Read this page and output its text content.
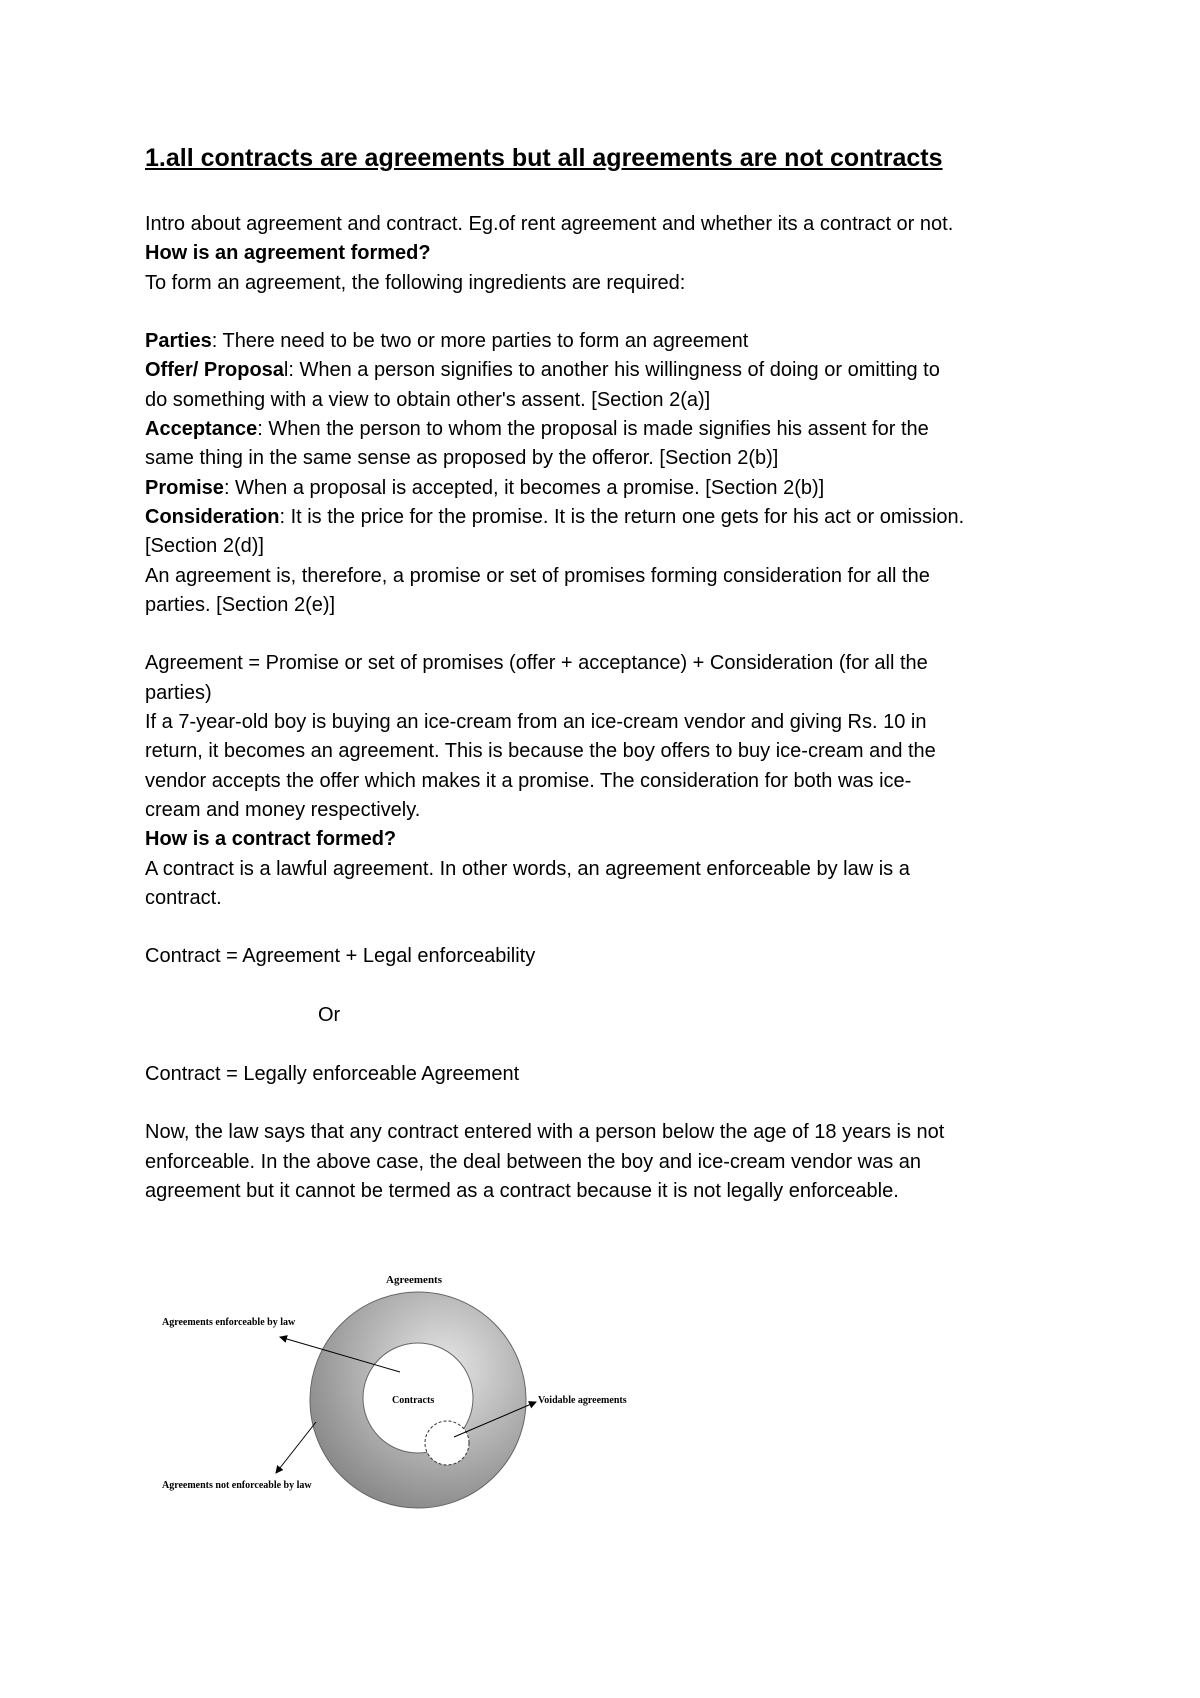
1.all contracts are agreements but all agreements are not contracts
Intro about agreement and contract. Eg.of rent agreement and whether its a contract or not.
How is an agreement formed?
To form an agreement, the following ingredients are required:
Parties: There need to be two or more parties to form an agreement
Offer/ Proposal: When a person signifies to another his willingness of doing or omitting to
do something with a view to obtain other's assent. [Section 2(a)]
Acceptance: When the person to whom the proposal is made signifies his assent for the
same thing in the same sense as proposed by the offeror. [Section 2(b)]
Promise: When a proposal is accepted, it becomes a promise. [Section 2(b)]
Consideration: It is the price for the promise. It is the return one gets for his act or omission.
[Section 2(d)]
An agreement is, therefore, a promise or set of promises forming consideration for all the
parties. [Section 2(e)]
Agreement = Promise or set of promises (offer + acceptance) + Consideration (for all the
parties)
If a 7-year-old boy is buying an ice-cream from an ice-cream vendor and giving Rs. 10 in
return, it becomes an agreement. This is because the boy offers to buy ice-cream and the
vendor accepts the offer which makes it a promise. The consideration for both was ice-
cream and money respectively.
How is a contract formed?
A contract is a lawful agreement. In other words, an agreement enforceable by law is a
contract.
Contract = Agreement + Legal enforceability
Or
Contract = Legally enforceable Agreement
Now, the law says that any contract entered with a person below the age of 18 years is not
enforceable. In the above case, the deal between the boy and ice-cream vendor was an
agreement but it cannot be termed as a contract because it is not legally enforceable.
Agreements
Agreements enforceable by law
Contracts	Voidable agreements
Agreements not enforceable by law
